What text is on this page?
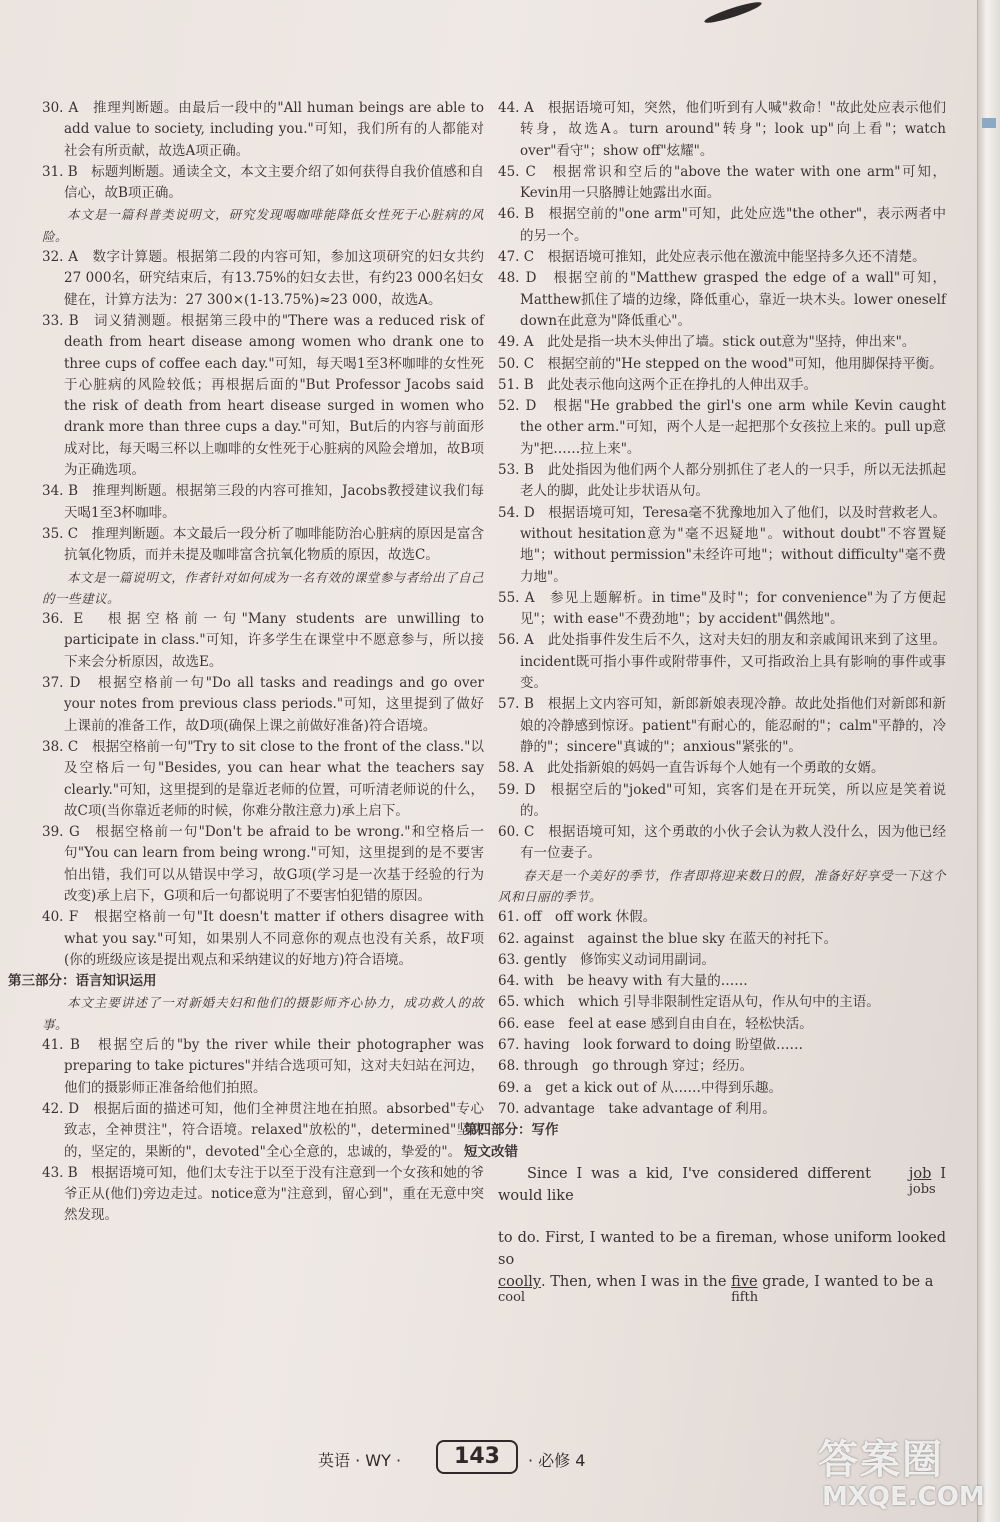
30. A　推理判断题。由最后一段中的"All human beings are able to add value to society, including you."可知，我们所有的人都能对社会有所贡献，故选A项正确。

31. B　标题判断题。通读全文，本文主要介绍了如何获得自我价值感和自信心，故B项正确。

本文是一篇科普类说明文，研究发现喝咖啡能降低女性死于心脏病的风险。

32. A　数字计算题。根据第二段的内容可知，参加这项研究的妇女共约27 000名，研究结束后，有13.75%的妇女去世，有约23 000名妇女健在，计算方法为：27 300×(1-13.75%)≈23 000，故选A。

33. B　词义猜测题。根据第三段中的"There was a reduced risk of death from heart disease among women who drank one to three cups of coffee each day."可知，每天喝1至3杯咖啡的女性死于心脏病的风险较低；再根据后面的"But Professor Jacobs said the risk of death from heart disease surged in women who drank more than three cups a day."可知，But后的内容与前面形成对比，每天喝三杯以上咖啡的女性死于心脏病的风险会增加，故B项为正确选项。

34. B　推理判断题。根据第三段的内容可推知，Jacobs教授建议我们每天喝1至3杯咖啡。

35. C　推理判断题。本文最后一段分析了咖啡能防治心脏病的原因是富含抗氧化物质，而并未提及咖啡富含抗氧化物质的原因，故选C。

本文是一篇说明文，作者针对如何成为一名有效的课堂参与者给出了自己的一些建议。

36. E　根据空格前一句"Many students are unwilling to participate in class."可知，许多学生在课堂中不愿意参与，所以接下来会分析原因，故选E。

37. D　根据空格前一句"Do all tasks and readings and go over your notes from previous class periods."可知，这里提到了做好上课前的准备工作，故D项(确保上课之前做好准备)符合语境。

38. C　根据空格前一句"Try to sit close to the front of the class."以及空格后一句"Besides, you can hear what the teachers say clearly."可知，这里提到的是靠近老师的位置，可听清老师说的什么，故C项(当你靠近老师的时候，你难分散注意力)承上启下。

39. G　根据空格前一句"Don't be afraid to be wrong."和空格后一句"You can learn from being wrong."可知，这里提到的是不要害怕出错，我们可以从错误中学习，故G项(学习是一次基于经验的行为改变)承上启下，G项和后一句都说明了不要害怕犯错的原因。

40. F　根据空格前一句"It doesn't matter if others disagree with what you say."可知，如果别人不同意你的观点也没有关系，故F项(你的班级应该是提出观点和采纳建议的好地方)符合语境。

第三部分：语言知识运用

本文主要讲述了一对新婚夫妇和他们的摄影师齐心协力，成功救人的故事。

41. B　根据空后的"by the river while their photographer was preparing to take pictures"并结合选项可知，这对夫妇站在河边，他们的摄影师正准备给他们拍照。

42. D　根据后面的描述可知，他们全神贯注地在拍照。absorbed"专心致志，全神贯注"，符合语境。relaxed"放松的"，determined"坚决的，坚定的，果断的"，devoted"全心全意的，忠诚的，挚爱的"。

43. B　根据语境可知，他们太专注于以至于没有注意到一个女孩和她的爷爷正从(他们)旁边走过。notice意为"注意到，留心到"，重在无意中突然发现。

44. A　根据语境可知，突然，他们听到有人喊"救命！"故此处应表示他们转身，故选A。turn around"转身"；look up"向上看"；watch over"看守"；show off"炫耀"。

45. C　根据常识和空后的"above the water with one arm"可知，Kevin用一只胳膊让她露出水面。

46. B　根据空前的"one arm"可知，此处应选"the other"，表示两者中的另一个。

47. C　根据语境可推知，此处应表示他在激流中能坚持多久还不清楚。

48. D　根据空前的"Matthew grasped the edge of a wall"可知，Matthew抓住了墙的边缘，降低重心，靠近一块木头。lower oneself down在此意为"降低重心"。

49. A　此处是指一块木头伸出了墙。stick out意为"坚持，伸出来"。

50. C　根据空前的"He stepped on the wood"可知，他用脚保持平衡。

51. B　此处表示他向这两个正在挣扎的人伸出双手。

52. D　根据"He grabbed the girl's one arm while Kevin caught the other arm."可知，两个人是一起把那个女孩拉上来的。pull up意为"把……拉上来"。

53. B　此处指因为他们两个人都分别抓住了老人的一只手，所以无法抓起老人的脚，此处让步状语从句。

54. D　根据语境可知，Teresa毫不犹豫地加入了他们，以及时营救老人。without hesitation意为"毫不迟疑地"。without doubt"不容置疑地"；without permission"未经许可地"；without difficulty"毫不费力地"。

55. A　参见上题解析。in time"及时"；for convenience"为了方便起见"；with ease"不费劲地"；by accident"偶然地"。

56. A　此处指事件发生后不久，这对夫妇的朋友和亲戚闻讯来到了这里。incident既可指小事件或附带事件，又可指政治上具有影响的事件或事变。

57. B　根据上文内容可知，新郎新娘表现冷静。故此处指他们对新郎和新娘的冷静感到惊讶。patient"有耐心的，能忍耐的"；calm"平静的，冷静的"；sincere"真诚的"；anxious"紧张的"。

58. A　此处指新娘的妈妈一直告诉每个人她有一个勇敢的女婿。

59. D　根据空后的"joked"可知，宾客们是在开玩笑，所以应是笑着说的。

60. C　根据语境可知，这个勇敢的小伙子会认为救人没什么，因为他已经有一位妻子。

春天是一个美好的季节，作者即将迎来数日的假，准备好好享受一下这个风和日丽的季节。

61. off　off work 休假。

62. against　against the blue sky 在蓝天的衬托下。

63. gently　修饰实义动词用副词。

64. with　be heavy with 有大量的……

65. which　which 引导非限制性定语从句，作从句中的主语。

66. ease　feel at ease 感到自由自在，轻松快活。

67. having　look forward to doing 盼望做……

68. through　go through 穿过；经历。

69. a　get a kick out of 从……中得到乐趣。

70. advantage　take advantage of 利用。

第四部分：写作

短文改错

Since I was a kid, I've considered different job
jobs
I would like

to do. First, I wanted to be a fireman, whose uniform looked so

coolly
cool
. Then, when I was in the five
fifth
grade, I wanted to be a

英语 · WY ·	143	· 必修 4	答案圈
MXQE.COM
